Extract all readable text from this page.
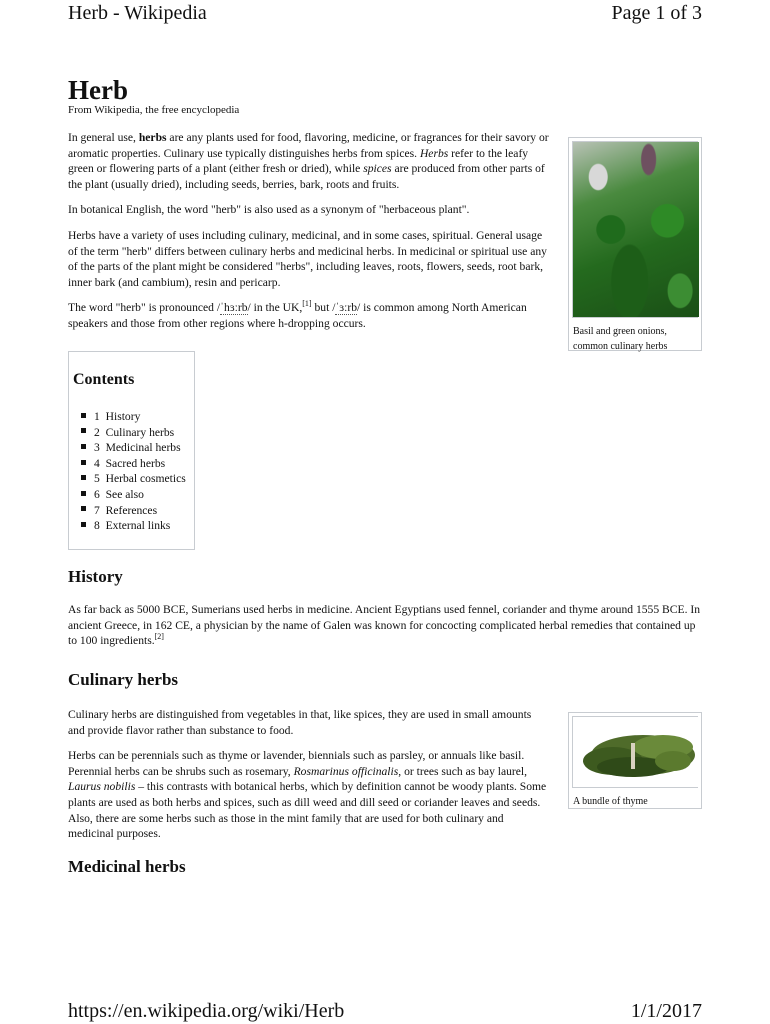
Herb - Wikipedia	Page 1 of 3
https://en.wikipedia.org/wiki/Herb	1/1/2017
Herb
From Wikipedia, the free encyclopedia

In general use, herbs are any plants used for food, flavoring, medicine, or fragrances for their savory or aromatic properties. Culinary use typically distinguishes herbs from spices. Herbs refer to the leafy green or flowering parts of a plant (either fresh or dried), while spices are produced from other parts of the plant (usually dried), including seeds, berries, bark, roots and fruits.

In botanical English, the word "herb" is also used as a synonym of "herbaceous plant".

Herbs have a variety of uses including culinary, medicinal, and in some cases, spiritual. General usage of the term "herb" differs between culinary herbs and medicinal herbs. In medicinal or spiritual use any of the parts of the plant might be considered "herbs", including leaves, roots, flowers, seeds, root bark, inner bark (and cambium), resin and pericarp.

The word "herb" is pronounced /ˈhɜːrb/ in the UK,[1] but /ˈɜːrb/ is common among North American speakers and those from other regions where h-dropping occurs.

Basil and green onions, common culinary herbs
Contents
1 History
2 Culinary herbs
3 Medicinal herbs
4 Sacred herbs
5 Herbal cosmetics
6 See also
7 References
8 External links
History

As far back as 5000 BCE, Sumerians used herbs in medicine. Ancient Egyptians used fennel, coriander and thyme around 1555 BCE. In ancient Greece, in 162 CE, a physician by the name of Galen was known for concocting complicated herbal remedies that contained up to 100 ingredients.[2]

Culinary herbs

Culinary herbs are distinguished from vegetables in that, like spices, they are used in small amounts and provide flavor rather than substance to food.

Herbs can be perennials such as thyme or lavender, biennials such as parsley, or annuals like basil. Perennial herbs can be shrubs such as rosemary, Rosmarinus officinalis, or trees such as bay laurel, Laurus nobilis – this contrasts with botanical herbs, which by definition cannot be woody plants. Some plants are used as both herbs and spices, such as dill weed and dill seed or coriander leaves and seeds. Also, there are some herbs such as those in the mint family that are used for both culinary and medicinal purposes.

A bundle of thyme
Medicinal herbs
